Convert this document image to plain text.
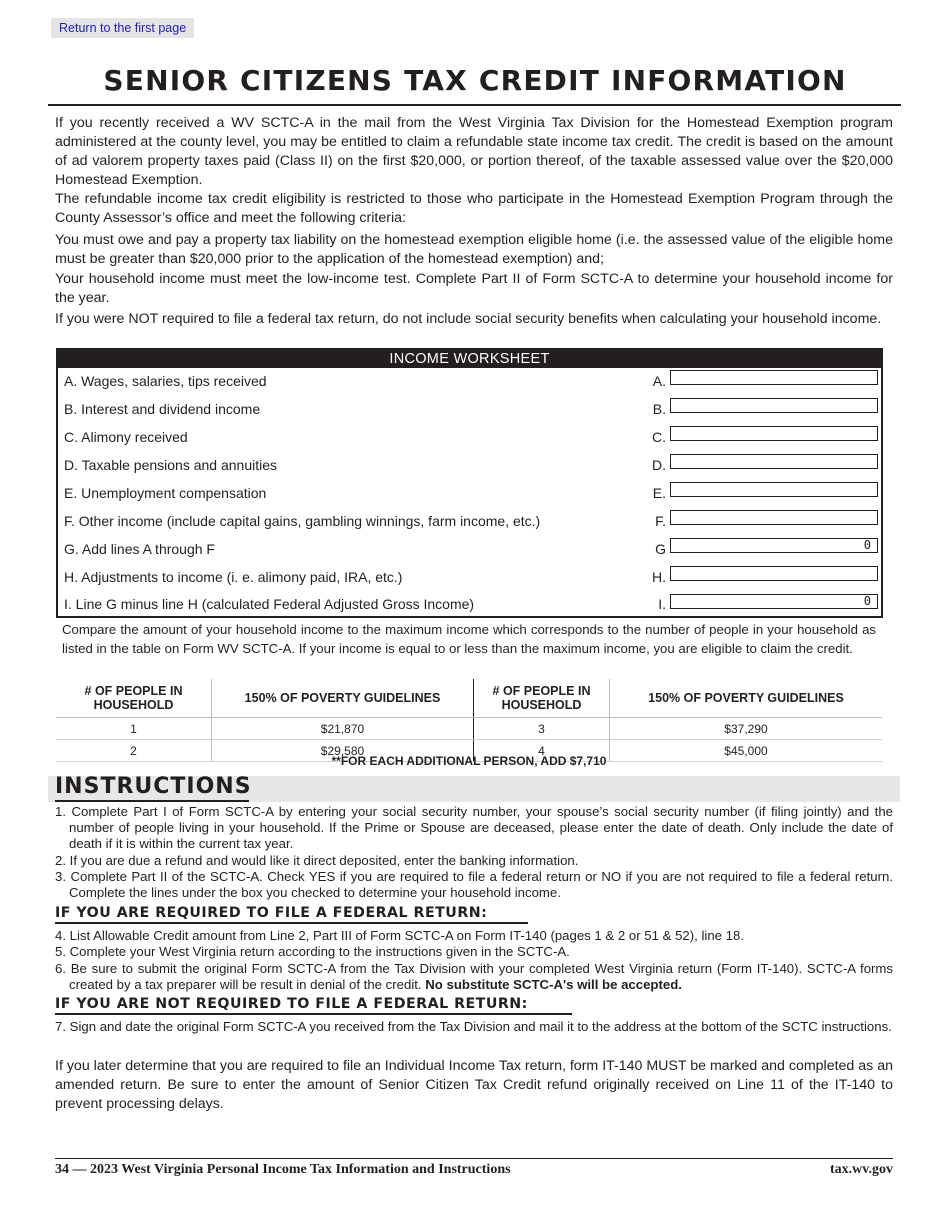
Return to the first page
SENIOR CITIZENS TAX CREDIT INFORMATION

If you recently received a WV SCTC-A in the mail from the West Virginia Tax Division for the Homestead Exemption program administered at the county level, you may be entitled to claim a refundable state income tax credit. The credit is based on the amount of ad valorem property taxes paid (Class II) on the first $20,000, or portion thereof, of the taxable assessed value over the $20,000 Homestead Exemption.

The refundable income tax credit eligibility is restricted to those who participate in the Homestead Exemption Program through the County Assessor’s office and meet the following criteria:

You must owe and pay a property tax liability on the homestead exemption eligible home (i.e. the assessed value of the eligible home must be greater than $20,000 prior to the application of the homestead exemption) and;

Your household income must meet the low-income test. Complete Part II of Form SCTC-A to determine your household income for the year.

If you were NOT required to file a federal tax return, do not include social security benefits when calculating your household income.

INCOME WORKSHEET
A. Wages, salaries, tips received	A.
B. Interest and dividend income	B.
C. Alimony received	C.
D. Taxable pensions and annuities	D.
E. Unemployment compensation	E.
F. Other income (include capital gains, gambling winnings, farm income, etc.)	F.
G. Add lines A through F	G	0
H. Adjustments to income (i. e. alimony paid, IRA, etc.)	H.
I. Line G minus line H (calculated Federal Adjusted Gross Income)	I.	0

Compare the amount of your household income to the maximum income which corresponds to the number of people in your household as listed in the table on Form WV SCTC-A. If your income is equal to or less than the maximum income, you are eligible to claim the credit.

# OF PEOPLE IN HOUSEHOLD	150% OF POVERTY GUIDELINES	# OF PEOPLE IN HOUSEHOLD	150% OF POVERTY GUIDELINES
1	$21,870	3	$37,290
2	$29,580	4	$45,000
**FOR EACH ADDITIONAL PERSON, ADD $7,710
INSTRUCTIONS

1. Complete Part I of Form SCTC-A by entering your social security number, your spouse’s social security number (if filing jointly) and the number of people living in your household. If the Prime or Spouse are deceased, please enter the date of death. Only include the date of death if it is within the current tax year.

2. If you are due a refund and would like it direct deposited, enter the banking information.

3. Complete Part II of the SCTC-A. Check YES if you are required to file a federal return or NO if you are not required to file a federal return. Complete the lines under the box you checked to determine your household income.

IF YOU ARE REQUIRED TO FILE A FEDERAL RETURN:

4. List Allowable Credit amount from Line 2, Part III of Form SCTC-A on Form IT-140 (pages 1 & 2 or 51 & 52), line 18.

5. Complete your West Virginia return according to the instructions given in the SCTC-A.

6. Be sure to submit the original Form SCTC-A from the Tax Division with your completed West Virginia return (Form IT-140). SCTC-A forms created by a tax preparer will be result in denial of the credit. No substitute SCTC-A's will be accepted.

IF YOU ARE NOT REQUIRED TO FILE A FEDERAL RETURN:

7. Sign and date the original Form SCTC-A you received from the Tax Division and mail it to the address at the bottom of the SCTC instructions.

If you later determine that you are required to file an Individual Income Tax return, form IT-140 MUST be marked and completed as an amended return. Be sure to enter the amount of Senior Citizen Tax Credit refund originally received on Line 11 of the IT-140 to prevent processing delays.

34 — 2023 West Virginia Personal Income Tax Information and Instructions	tax.wv.gov
